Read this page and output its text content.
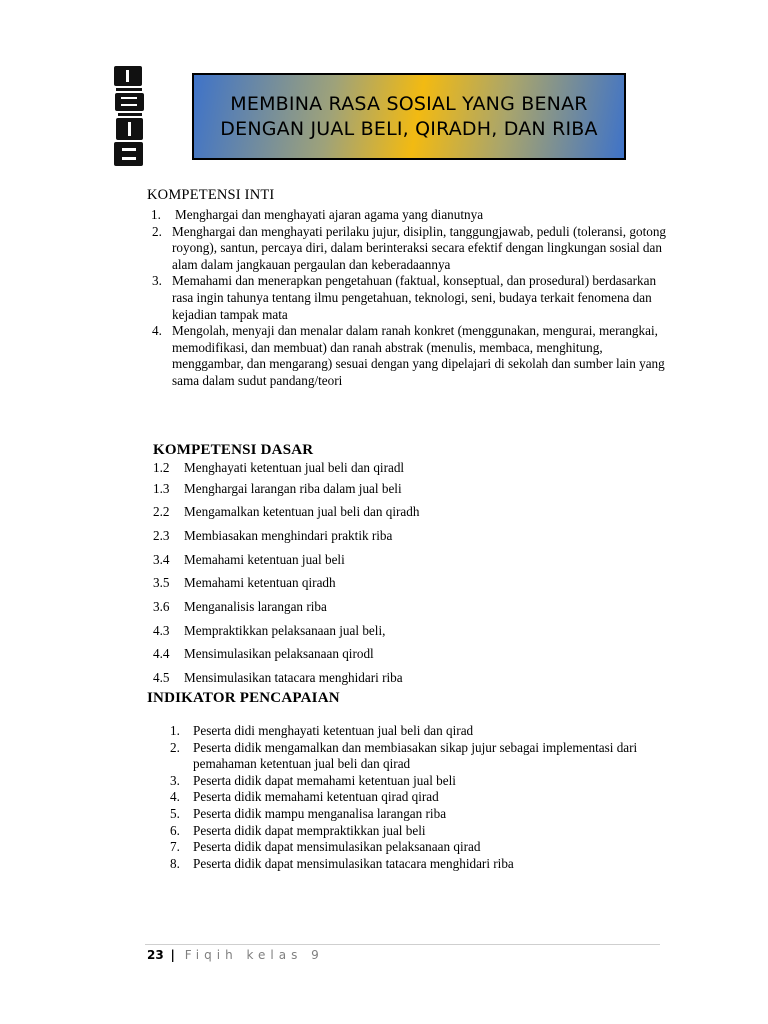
MEMBINA RASA SOSIAL YANG BENAR
DENGAN JUAL BELI, QIRADH, DAN RIBA
KOMPETENSI INTI
1. Menghargai dan menghayati ajaran agama yang dianutnya
2. Menghargai dan menghayati perilaku jujur, disiplin, tanggungjawab, peduli (toleransi, gotong royong), santun, percaya diri, dalam berinteraksi secara efektif dengan lingkungan sosial dan alam dalam jangkauan pergaulan dan keberadaannya
3. Memahami dan menerapkan pengetahuan (faktual, konseptual, dan prosedural) berdasarkan rasa ingin tahunya tentang ilmu pengetahuan, teknologi, seni, budaya terkait fenomena dan kejadian tampak mata
4. Mengolah, menyaji dan menalar dalam ranah konkret (menggunakan, mengurai, merangkai, memodifikasi, dan membuat) dan ranah abstrak (menulis, membaca, menghitung, menggambar, dan mengarang) sesuai dengan yang dipelajari di sekolah dan sumber lain yang sama dalam sudut pandang/teori
KOMPETENSI DASAR
1.2 Menghayati ketentuan jual beli dan qiradl
1.3 Menghargai larangan riba dalam jual beli
2.2 Mengamalkan ketentuan jual beli dan qiradh
2.3 Membiasakan menghindari praktik riba
3.4 Memahami ketentuan jual beli
3.5 Memahami ketentuan qiradh
3.6 Menganalisis larangan riba
4.3 Mempraktikkan pelaksanaan jual beli,
4.4 Mensimulasikan pelaksanaan qirodl
4.5 Mensimulasikan tatacara menghidari riba
INDIKATOR PENCAPAIAN
1. Peserta didi menghayati ketentuan jual beli dan qirad
2. Peserta didik mengamalkan dan membiasakan sikap jujur sebagai implementasi dari pemahaman ketentuan jual beli dan qirad
3. Peserta didik dapat memahami ketentuan jual beli
4. Peserta didik memahami ketentuan qirad qirad
5. Peserta didik mampu menganalisa larangan riba
6. Peserta didik dapat mempraktikkan jual beli
7. Peserta didik dapat mensimulasikan pelaksanaan qirad
8. Peserta didik dapat mensimulasikan tatacara menghidari riba
23 | Fiqih kelas 9
